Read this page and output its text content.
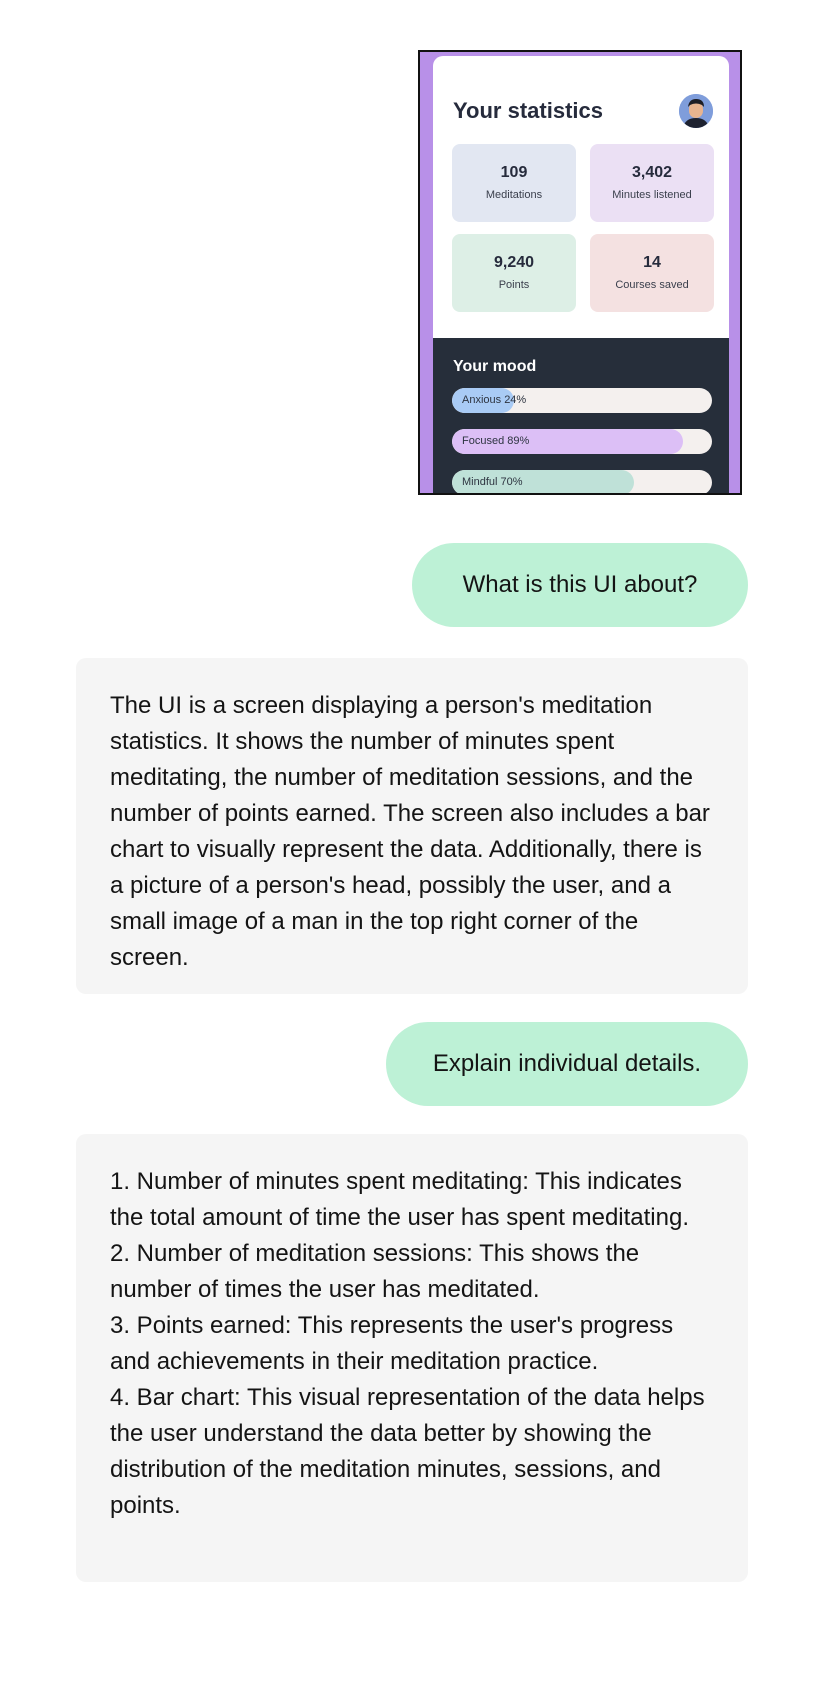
Your statistics
109
Meditations
3,402
Minutes listened
9,240
Points
14
Courses saved
Your mood
Anxious 24%
Focused 89%
Mindful 70%
What is this UI about?

The UI is a screen displaying a person's meditation statistics. It shows the number of minutes spent meditating, the number of meditation sessions, and the number of points earned. The screen also includes a bar chart to visually represent the data. Additionally, there is a picture of a person's head, possibly the user, and a small image of a man in the top right corner of the screen.

Explain individual details.

1. Number of minutes spent meditating: This indicates the total amount of time the user has spent meditating.

2. Number of meditation sessions: This shows the number of times the user has meditated.

3. Points earned: This represents the user's progress and achievements in their meditation practice.

4. Bar chart: This visual representation of the data helps the user understand the data better by showing the distribution of the meditation minutes, sessions, and points.
